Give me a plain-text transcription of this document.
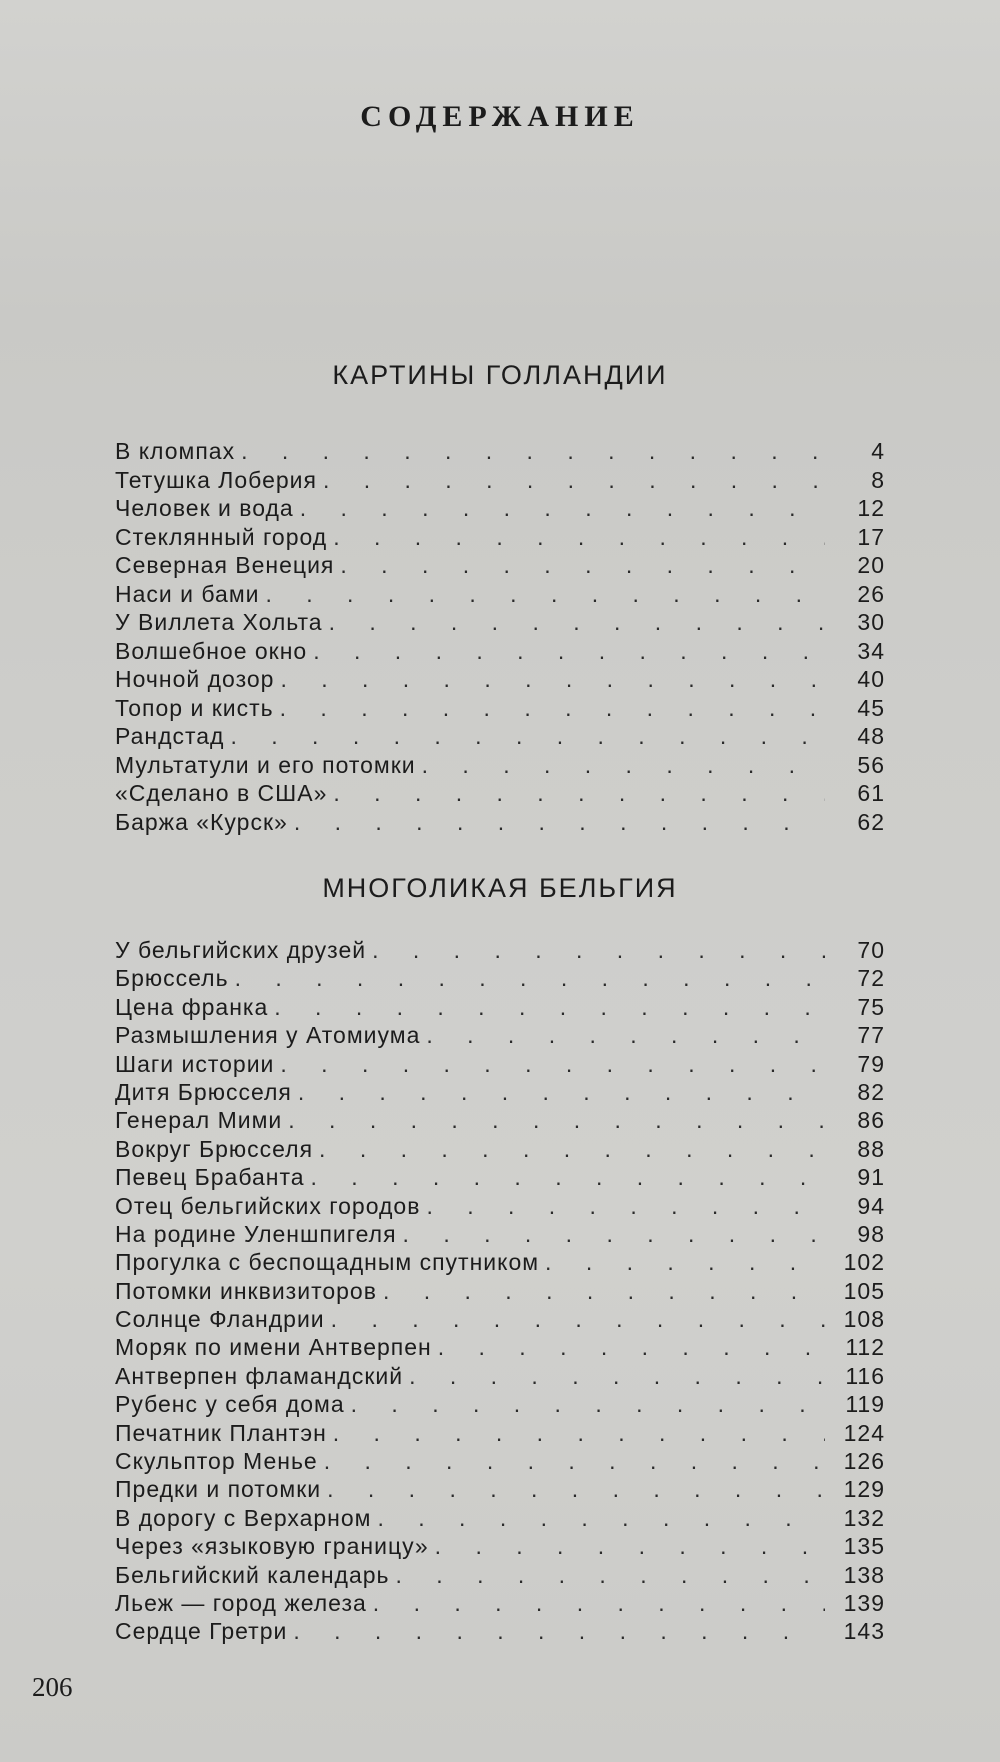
СОДЕРЖАНИЕ
КАРТИНЫ ГОЛЛАНДИИ
В кломпах . . .	4
Тетушка Лоберия . . .	8
Человек и вода . . .	12
Стеклянный город . . .	17
Северная Венеция . . .	20
Наси и бами . . .	26
У Виллета Хольта . . .	30
Волшебное окно . . .	34
Ночной дозор . . .	40
Топор и кисть . . .	45
Рандстад . . .	48
Мультатули и его потомки . . .	56
«Сделано в США» . . .	61
Баржа «Курск» . . .	62
МНОГОЛИКАЯ БЕЛЬГИЯ
У бельгийских друзей . . .	70
Брюссель . . .	72
Цена франка . . .	75
Размышления у Атомиума . . .	77
Шаги истории . . .	79
Дитя Брюсселя . . .	82
Генерал Мими . . .	86
Вокруг Брюсселя . . .	88
Певец Брабанта . . .	91
Отец бельгийских городов . . .	94
На родине Уленшпигеля . . .	98
Прогулка с беспощадным спутником . . .	102
Потомки инквизиторов . . .	105
Солнце Фландрии . . .	108
Моряк по имени Антверпен . . .	112
Антверпен фламандский . . .	116
Рубенс у себя дома . . .	119
Печатник Плантэн . . .	124
Скульптор Менье . . .	126
Предки и потомки . . .	129
В дорогу с Верхарном . . .	132
Через «языковую границу» . . .	135
Бельгийский календарь . . .	138
Льеж — город железа . . .	139
Сердце Гретри . . .	143
206
